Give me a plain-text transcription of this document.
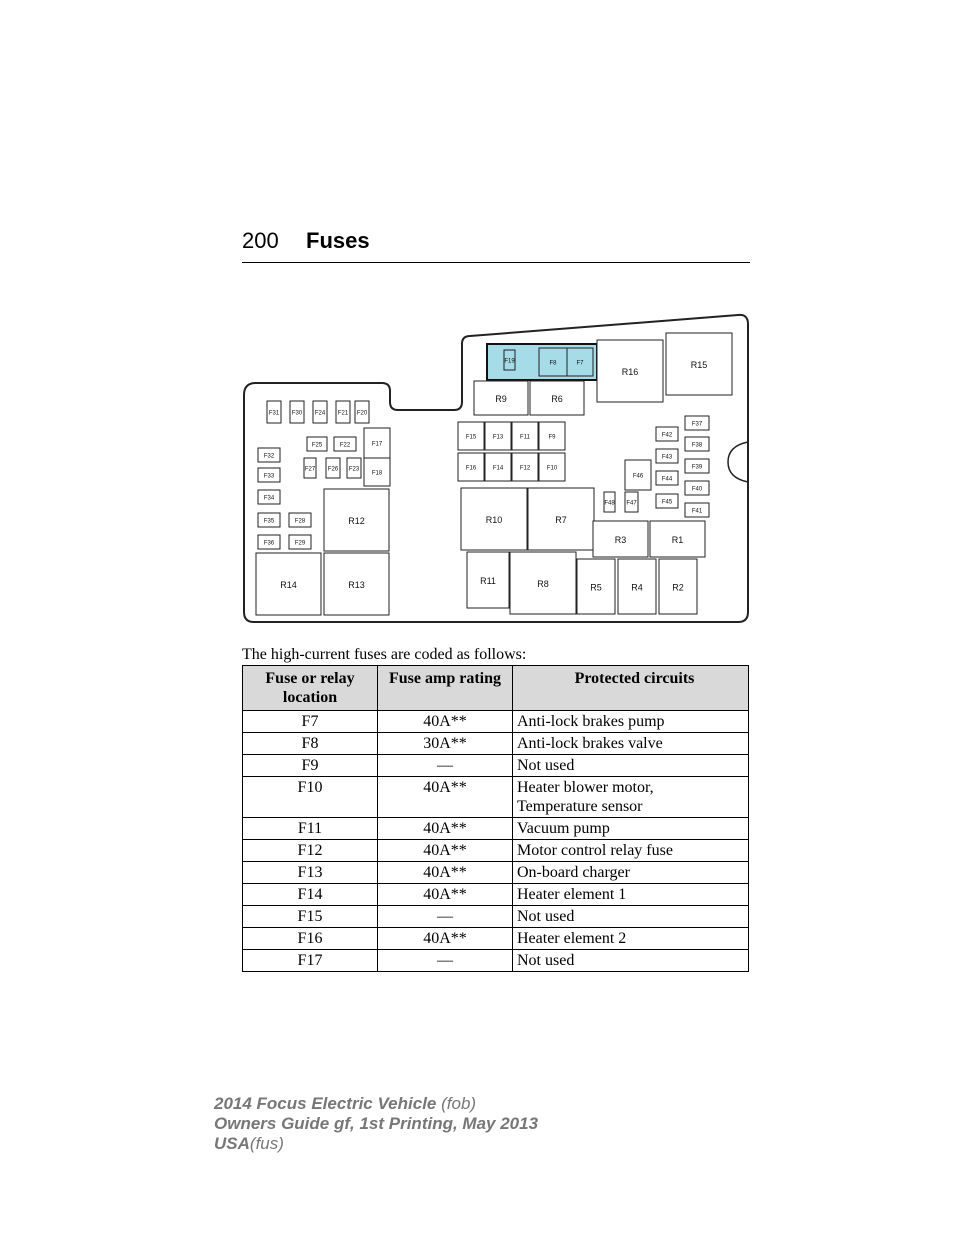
200 Fuses
R16
R15
R9	R6
R12	R10	R7
R3	R1
R14	R13	R11	R8	R5	R4	R2
F19	F8	F7
F31 F30 F24 F21 F20
F25	F22	F17
F32
F27 F26 F23
F18
F33
F34
F35	F28
F36	F29
F15	F13	F11	F9
F16	F14	F12	F10
F37
F42
F38
F43
F39
F46	F44
F40
F48 F47	F45
F41
The high-current fuses are coded as follows:
Fuse or relay location	Fuse amp rating	Protected circuits
F7	40A**	Anti-lock brakes pump

F8	30A**	Anti-lock brakes valve

F9	—	Not used

F10	40A**	Heater blower motor,
Temperature sensor

F11	40A**	Vacuum pump

F12	40A**	Motor control relay fuse

F13	40A**	On-board charger

F14	40A**	Heater element 1

F15	—	Not used

F16	40A**	Heater element 2

F17	—	Not used
2014 Focus Electric Vehicle (fob)
Owners Guide gf, 1st Printing, May 2013
USA(fus)
